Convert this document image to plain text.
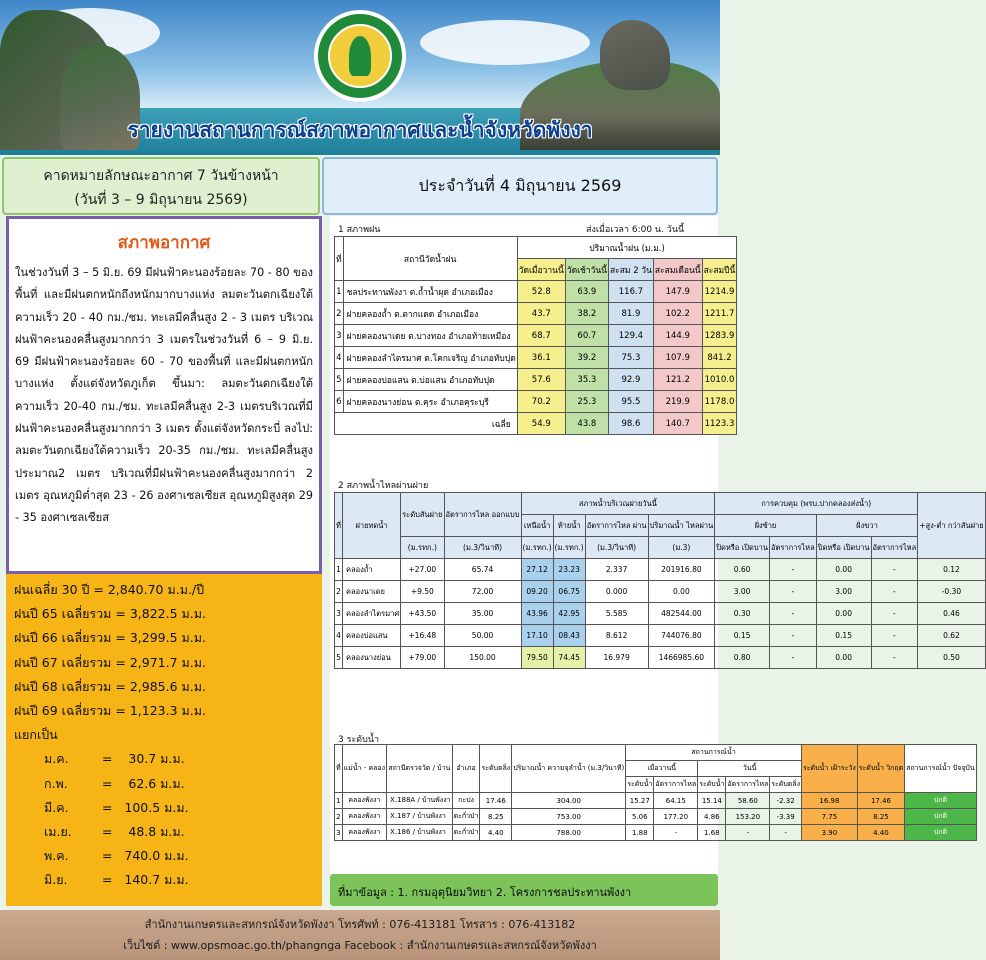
รายงานสถานการณ์สภาพอากาศและน้ำจังหวัดพังงา
คาดหมายลักษณะอากาศ 7 วันข้างหน้า
(วันที่ 3 – 9 มิถุนายน 2569)
ประจำวันที่ 4 มิถุนายน 2569
สภาพอากาศ
ในช่วงวันที่ 3 – 5 มิ.ย. 69 มีฝนฟ้าคะนองร้อยละ 70 - 80 ของพื้นที่ และมีฝนตกหนักถึงหนักมากบางแห่ง ลมตะวันตกเฉียงใต้ ความเร็ว 20 - 40 กม./ชม. ทะเลมีคลื่นสูง 2 - 3 เมตร บริเวณฝนฟ้าคะนองคลื่นสูงมากกว่า 3 เมตรในช่วงวันที่ 6 – 9 มิ.ย. 69 มีฝนฟ้าคะนองร้อยละ 60 - 70 ของพื้นที่ และมีฝนตกหนักบางแห่ง ตั้งแต่จังหวัดภูเก็ต ขึ้นมา: ลมตะวันตกเฉียงใต้ความเร็ว 20-40 กม./ชม. ทะเลมีคลื่นสูง 2-3 เมตรบริเวณที่มีฝนฟ้าคะนองคลื่นสูงมากกว่า 3 เมตร ตั้งแต่จังหวัดกระบี่ ลงไป: ลมตะวันตกเฉียงใต้ความเร็ว 20-35 กม./ชม. ทะเลมีคลื่นสูงประมาณ2 เมตร บริเวณที่มีฝนฟ้าคะนองคลื่นสูงมากกว่า 2 เมตร อุณหภูมิต่ำสุด 23 - 26 องศาเซลเซียส อุณหภูมิสูงสุด 29 - 35 องศาเซลเซียส
ฝนเฉลี่ย 30 ปี = 2,840.70 ม.ม./ปี
ฝนปี 65 เฉลี่ยรวม = 3,822.5 ม.ม.
ฝนปี 66 เฉลี่ยรวม = 3,299.5 ม.ม.
ฝนปี 67 เฉลี่ยรวม = 2,971.7 ม.ม.
ฝนปี 68 เฉลี่ยรวม = 2,985.6 ม.ม.
ฝนปี 69 เฉลี่ยรวม = 1,123.3 ม.ม.
แยกเป็น
ม.ค.	=    30.7 ม.ม.
ก.พ.	=    62.6 ม.ม.
มี.ค.	=   100.5 ม.ม.
เม.ย.	=    48.8 ม.ม.
พ.ค.	=   740.0 ม.ม.
มิ.ย.	=   140.7 ม.ม.
1 สภาพฝน	ส่งเมื่อเวลา 6:00 น. วันนี้
ที่	สถานีวัดน้ำฝน	ปริมาณน้ำฝน (ม.ม.)				
		วัดเมื่อวานนี้	วัดเช้าวันนี้	สะสม 2 วัน	สะสมเดือนนี้	สะสมปีนี้
1	ชลประทานพังงา ต.ถ้ำน้ำผุด อำเภอเมือง	52.8	63.9	116.7	147.9	1214.9
2	ฝายคลองถ้ำ ต.ตากแดด อำเภอเมือง	43.7	38.2	81.9	102.2	1211.7
3	ฝายคลองนาเดย ต.บางทอง อำเภอท้ายเหมือง	68.7	60.7	129.4	144.9	1283.9
4	ฝายคลองลำไตรมาศ ต.โคกเจริญ อำเภอทับปุด	36.1	39.2	75.3	107.9	841.2
5	ฝายคลองบ่อแสน ต.บ่อแสน อำเภอทับปุด	57.6	35.3	92.9	121.2	1010.0
6	ฝายคลองนางย่อน ต.คุระ อำเภอคุระบุรี	70.2	25.3	95.5	219.9	1178.0
เฉลี่ย		54.9	43.8	98.6	140.7	1123.3
2 สภาพน้ำไหลผ่านฝาย
ที่	ฝายทดน้ำ	ระดับสันฝาย	อัตราการไหล ออกแบบ	สภาพน้ำบริเวณฝายวันนี้				การควบคุม (พรบ.ปากคลองส่งน้ำ)				+สูง-ต่ำ กว่าสันฝาย
				เหนือน้ำ	ท้ายน้ำ	อัตราการไหล ผ่าน	ปริมาณน้ำ ไหลผ่าน	ฝั่งซ้าย		ฝั่งขวา		
		(ม.รทก.)	(ม.3/วินาที)	(ม.รทก.)	(ม.รทก.)	(ม.3/วินาที)	(ม.3)	ปิดหรือ เปิดบาน	อัตราการไหล	ปิดหรือ เปิดบาน	อัตราการไหล	
1	คลองถ้ำ	+27.00	65.74	27.12	23.23	2.337	201916.80	0.60	-	0.00	-	0.12
2	คลองนาเดย	+9.50	72.00	09.20	06.75	0.000	0.00	3.00	-	3.00	-	-0.30
3	คลองลำไตรมาศ	+43.50	35.00	43.96	42.95	5.585	482544.00	0.30	-	0.00	-	0.46
4	คลองบ่อแสน	+16.48	50.00	17.10	08.43	8.612	744076.80	0.15	-	0.15	-	0.62
5	คลองนางย่อน	+79.00	150.00	79.50	74.45	16.979	1466985.60	0.80	-	0.00	-	0.50
3 ระดับน้ำ
ที่	แม่น้ำ - คลอง	สถานีตรวจวัด / บ้าน	อำเภอ	ระดับตลิ่ง	ปริมาณน้ำ ความจุลำน้ำ (ม.3/วินาที)	สถานการณ์น้ำ					ระดับน้ำ เฝ้าระวัง	ระดับน้ำ วิกฤต	สถานการณ์น้ำ ปัจจุบัน
						เมื่อวานนี้		วันนี้					
						ระดับน้ำ	อัตราการไหล	ระดับน้ำ	อัตราการไหล	ระดับตลิ่ง			
1	คลองพังงา	X.188A / บ้านพังงา	กะปง	17.46	304.00	15.27	64.15	15.14	58.60	-2.32	16.98	17.46	ปกติ
2	คลองพังงา	X.187 / บ้านพังงา	ตะกั่วป่า	8.25	753.00	5.06	177.20	4.86	153.20	-3.39	7.75	8.25	ปกติ
3	คลองพังงา	X.186 / บ้านพังงา	ตะกั่วป่า	4.40	788.00	1.88	-	1.68	-	-	3.90	4.40	ปกติ
ที่มาข้อมูล : 1. กรมอุตุนิยมวิทยา 2. โครงการชลประทานพังงา
สำนักงานเกษตรและสหกรณ์จังหวัดพังงา โทรศัพท์ : 076-413181 โทรสาร : 076-413182
เว็บไซต์ : www.opsmoac.go.th/phangnga Facebook : สำนักงานเกษตรและสหกรณ์จังหวัดพังงา
